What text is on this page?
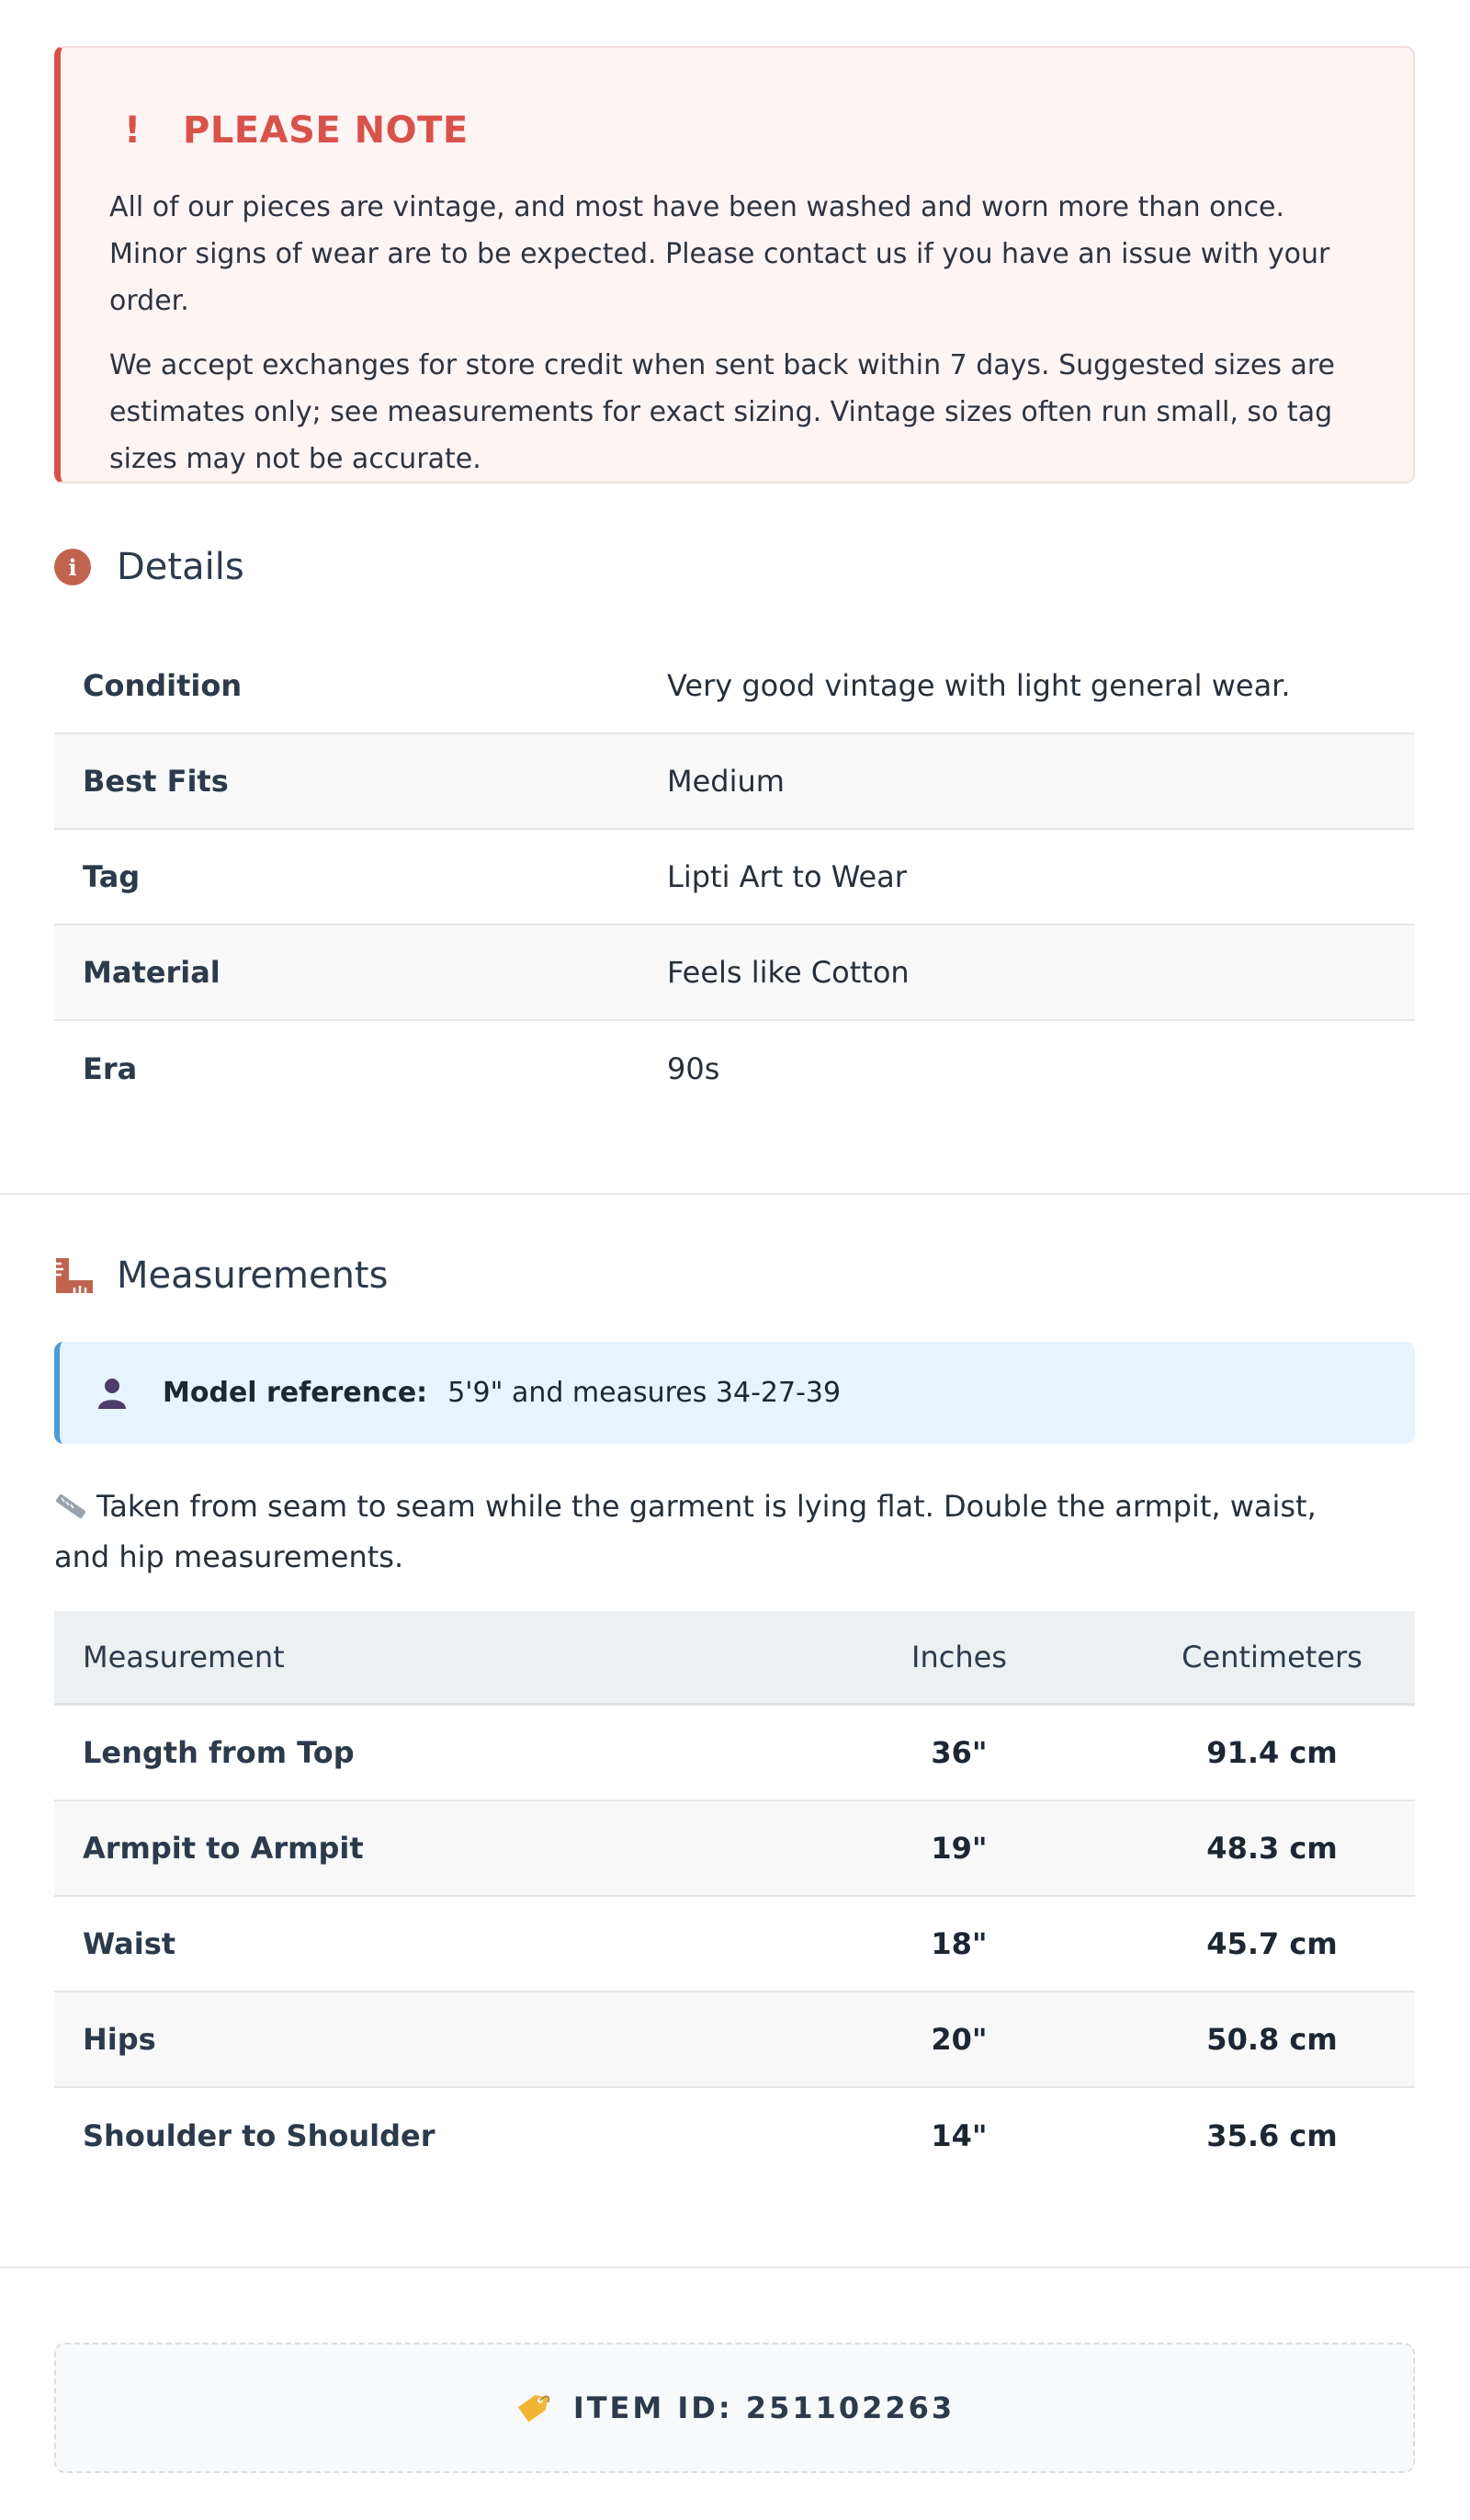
!	PLEASE NOTE

All of our pieces are vintage, and most have been washed and worn more than once. Minor signs of wear are to be expected. Please contact us if you have an issue with your order.

We accept exchanges for store credit when sent back within 7 days. Suggested sizes are estimates only; see measurements for exact sizing. Vintage sizes often run small, so tag sizes may not be accurate.

i	Details
Condition	Very good vintage with light general wear.
Best Fits	Medium
Tag	Lipti Art to Wear
Material	Feels like Cotton
Era	90s
Measurements
Model reference: 5'9" and measures 34-27-39
Taken from seam to seam while the garment is lying flat. Double the armpit, waist, and hip measurements.
Measurement	Inches	Centimeters
Length from Top	36"	91.4 cm
Armpit to Armpit	19"	48.3 cm
Waist	18"	45.7 cm
Hips	20"	50.8 cm
Shoulder to Shoulder	14"	35.6 cm
ITEM ID: 251102263
